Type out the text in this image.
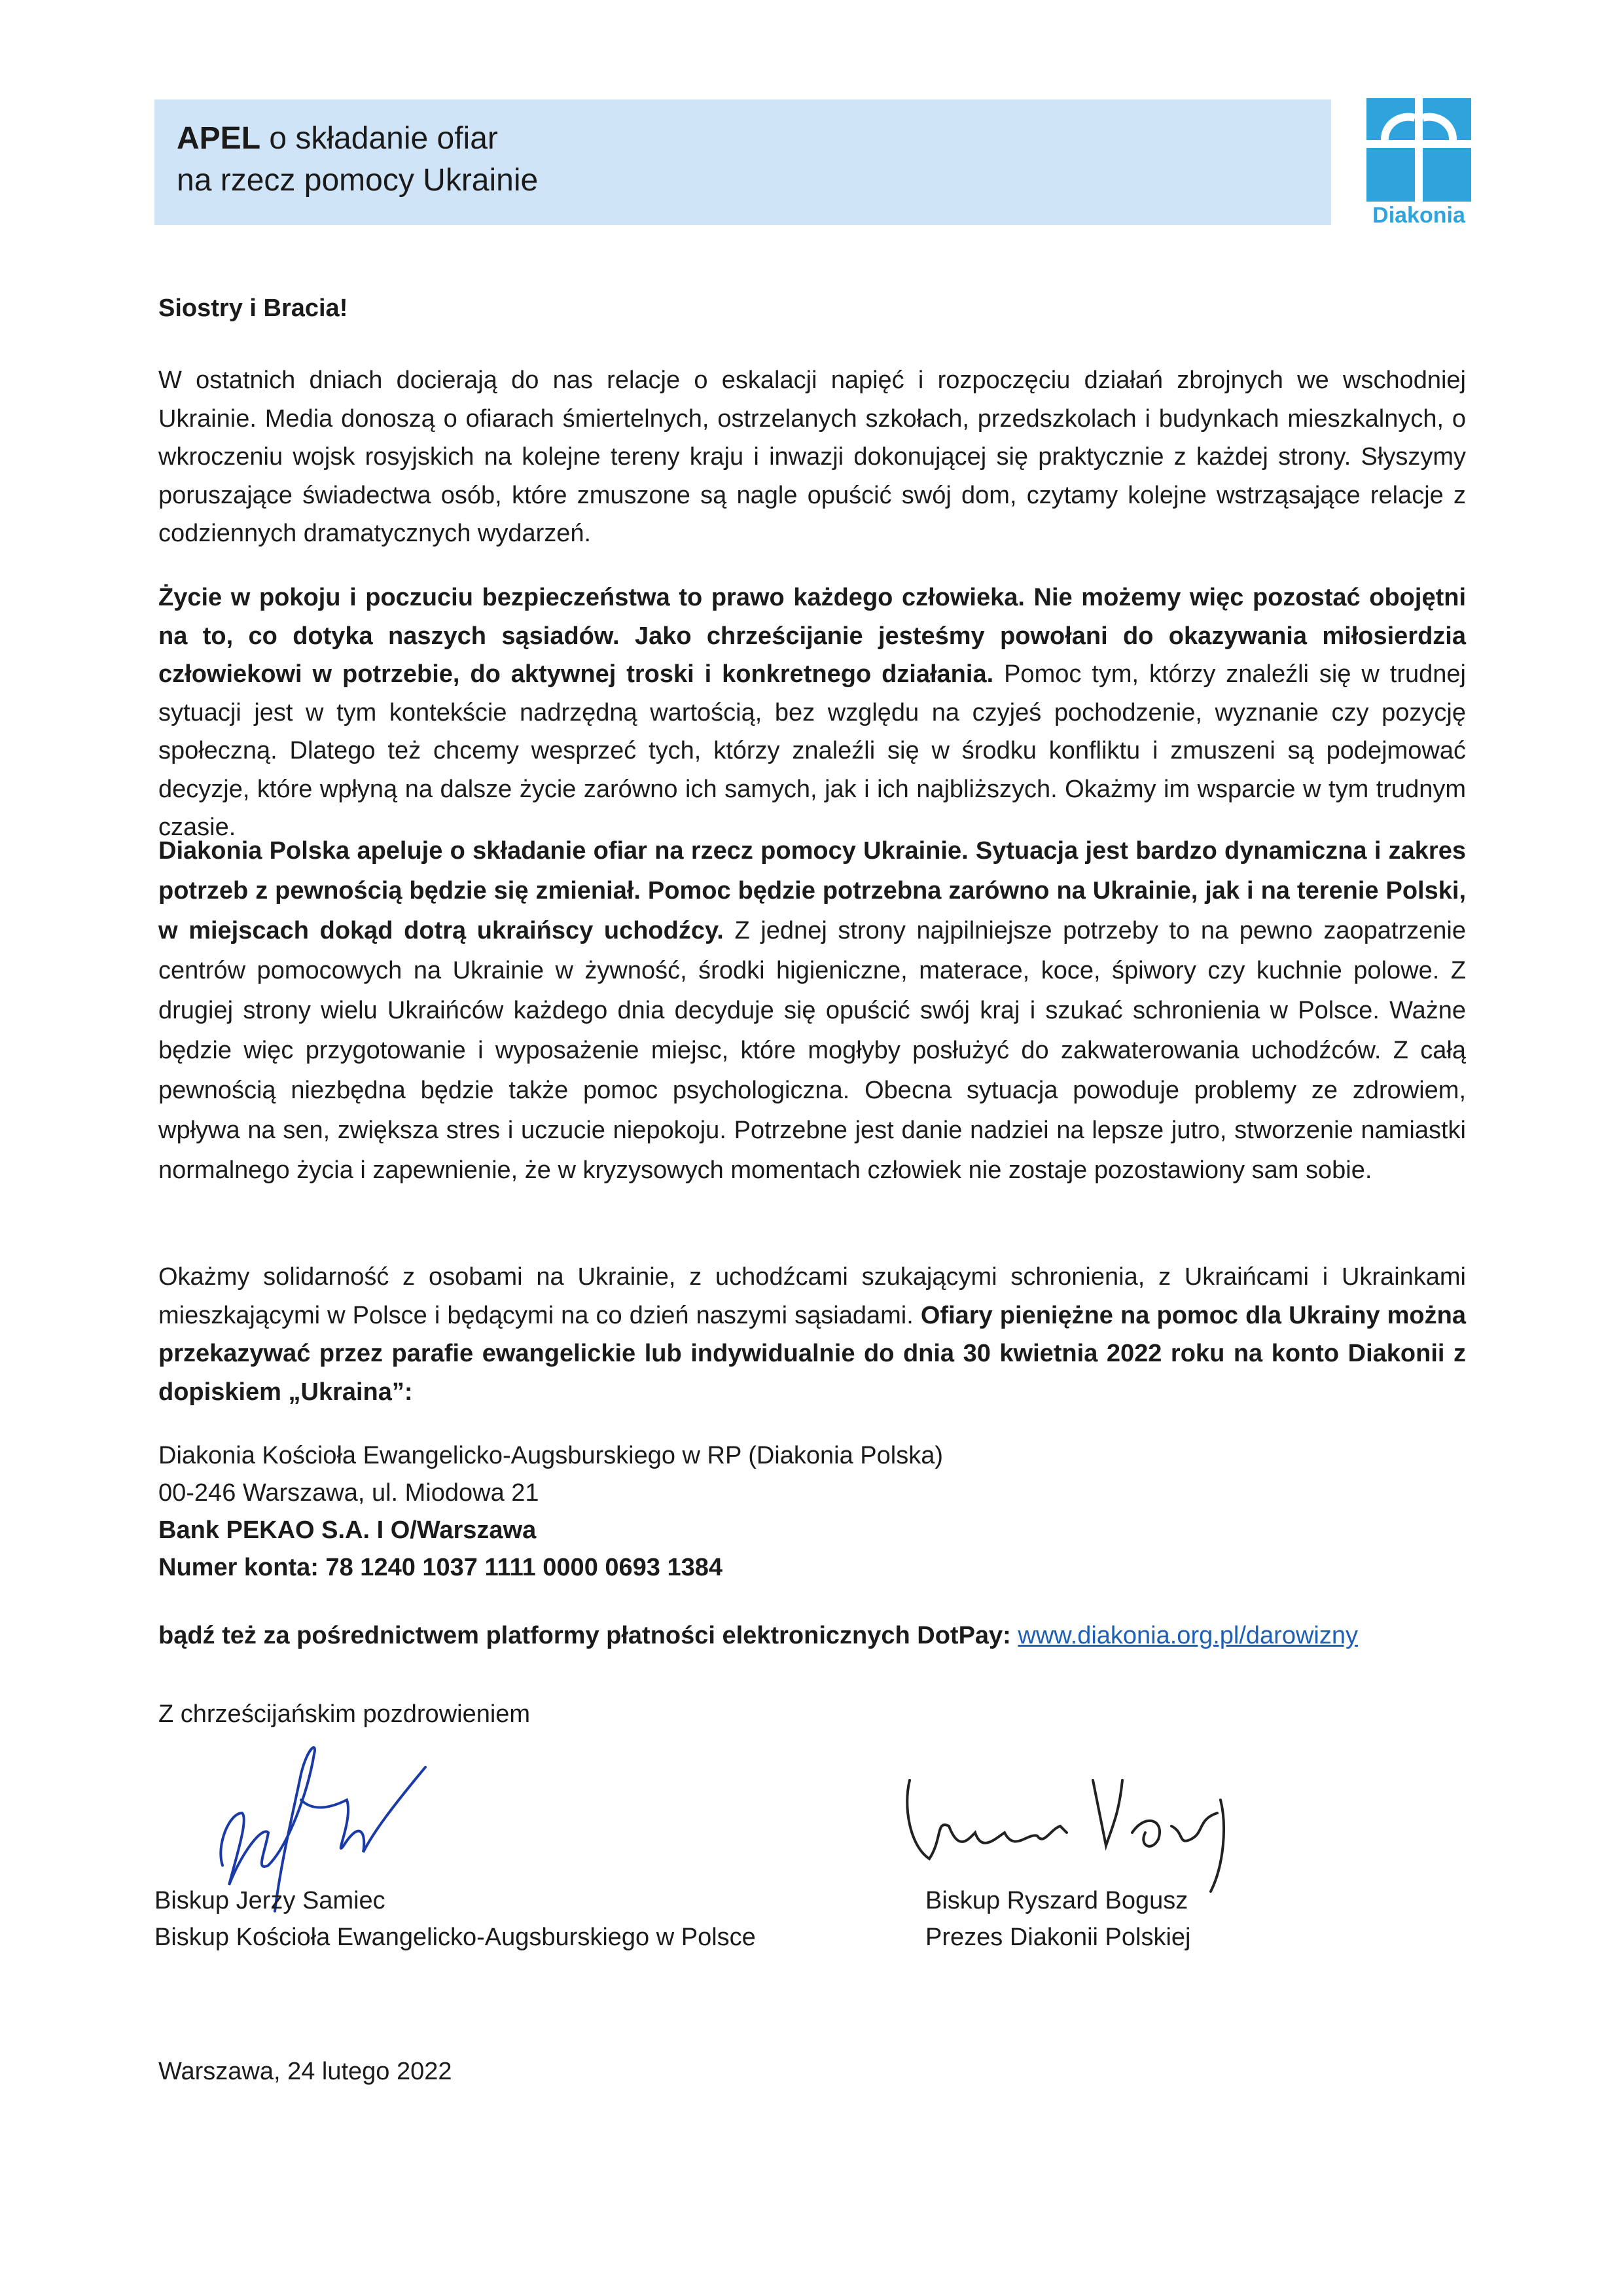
APEL o składanie ofiar
na rzecz pomocy Ukrainie
Diakonia
Siostry i Bracia!

W ostatnich dniach docierają do nas relacje o eskalacji napięć i rozpoczęciu działań zbrojnych we wschodniej Ukrainie. Media donoszą o ofiarach śmiertelnych, ostrzelanych szkołach, przedszkolach i budynkach mieszkalnych, o wkroczeniu wojsk rosyjskich na kolejne tereny kraju i inwazji dokonującej się praktycznie z każdej strony. Słyszymy poruszające świadectwa osób, które zmuszone są nagle opuścić swój dom, czytamy kolejne wstrząsające relacje z codziennych dramatycznych wydarzeń.

Życie w pokoju i poczuciu bezpieczeństwa to prawo każdego człowieka. Nie możemy więc pozostać obojętni na to, co dotyka naszych sąsiadów. Jako chrześcijanie jesteśmy powołani do okazywania miłosierdzia człowiekowi w potrzebie, do aktywnej troski i konkretnego działania. Pomoc tym, którzy znaleźli się w trudnej sytuacji jest w tym kontekście nadrzędną wartością, bez względu na czyjeś pochodzenie, wyznanie czy pozycję społeczną. Dlatego też chcemy wesprzeć tych, którzy znaleźli się w środku konfliktu i zmuszeni są podejmować decyzje, które wpłyną na dalsze życie zarówno ich samych, jak i ich najbliższych. Okażmy im wsparcie w tym trudnym czasie.

Diakonia Polska apeluje o składanie ofiar na rzecz pomocy Ukrainie. Sytuacja jest bardzo dynamiczna i zakres potrzeb z pewnością będzie się zmieniał. Pomoc będzie potrzebna zarówno na Ukrainie, jak i na terenie Polski, w miejscach dokąd dotrą ukraińscy uchodźcy. Z jednej strony najpilniejsze potrzeby to na pewno zaopatrzenie centrów pomocowych na Ukrainie w żywność, środki higieniczne, materace, koce, śpiwory czy kuchnie polowe. Z drugiej strony wielu Ukraińców każdego dnia decyduje się opuścić swój kraj i szukać schronienia w Polsce. Ważne będzie więc przygotowanie i wyposażenie miejsc, które mogłyby posłużyć do zakwaterowania uchodźców. Z całą pewnością niezbędna będzie także pomoc psychologiczna. Obecna sytuacja powoduje problemy ze zdrowiem, wpływa na sen, zwiększa stres i uczucie niepokoju. Potrzebne jest danie nadziei na lepsze jutro, stworzenie namiastki normalnego życia i zapewnienie, że w kryzysowych momentach człowiek nie zostaje pozostawiony sam sobie.

Okażmy solidarność z osobami na Ukrainie, z uchodźcami szukającymi schronienia, z Ukraińcami i Ukrainkami mieszkającymi w Polsce i będącymi na co dzień naszymi sąsiadami. Ofiary pieniężne na pomoc dla Ukrainy można przekazywać przez parafie ewangelickie lub indywidualnie do dnia 30 kwietnia 2022 roku na konto Diakonii z dopiskiem „Ukraina”:

Diakonia Kościoła Ewangelicko-Augsburskiego w RP (Diakonia Polska)
00-246 Warszawa, ul. Miodowa 21
Bank PEKAO S.A. I O/Warszawa
Numer konta: 78 1240 1037 1111 0000 0693 1384
bądź też za pośrednictwem platformy płatności elektronicznych DotPay: www.diakonia.org.pl/darowizny
Z chrześcijańskim pozdrowieniem
Biskup Jerzy Samiec
Biskup Kościoła Ewangelicko-Augsburskiego w Polsce
Biskup Ryszard Bogusz
Prezes Diakonii Polskiej
Warszawa, 24 lutego 2022
